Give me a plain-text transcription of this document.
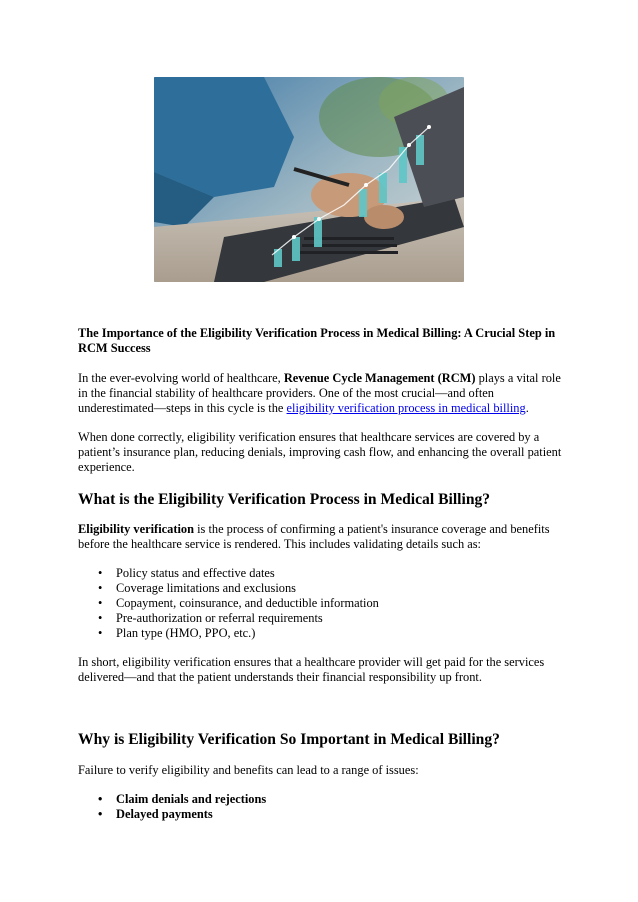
The Importance of the Eligibility Verification Process in Medical Billing: A Crucial Step in RCM Success

In the ever-evolving world of healthcare, Revenue Cycle Management (RCM) plays a vital role in the financial stability of healthcare providers. One of the most crucial—and often underestimated—steps in this cycle is the eligibility verification process in medical billing.

When done correctly, eligibility verification ensures that healthcare services are covered by a patient’s insurance plan, reducing denials, improving cash flow, and enhancing the overall patient experience.

What is the Eligibility Verification Process in Medical Billing?

Eligibility verification is the process of confirming a patient's insurance coverage and benefits before the healthcare service is rendered. This includes validating details such as:

• Policy status and effective dates
• Coverage limitations and exclusions
• Copayment, coinsurance, and deductible information
• Pre-authorization or referral requirements
• Plan type (HMO, PPO, etc.)

In short, eligibility verification ensures that a healthcare provider will get paid for the services delivered—and that the patient understands their financial responsibility up front.

Why is Eligibility Verification So Important in Medical Billing?

Failure to verify eligibility and benefits can lead to a range of issues:

• Claim denials and rejections
• Delayed payments
